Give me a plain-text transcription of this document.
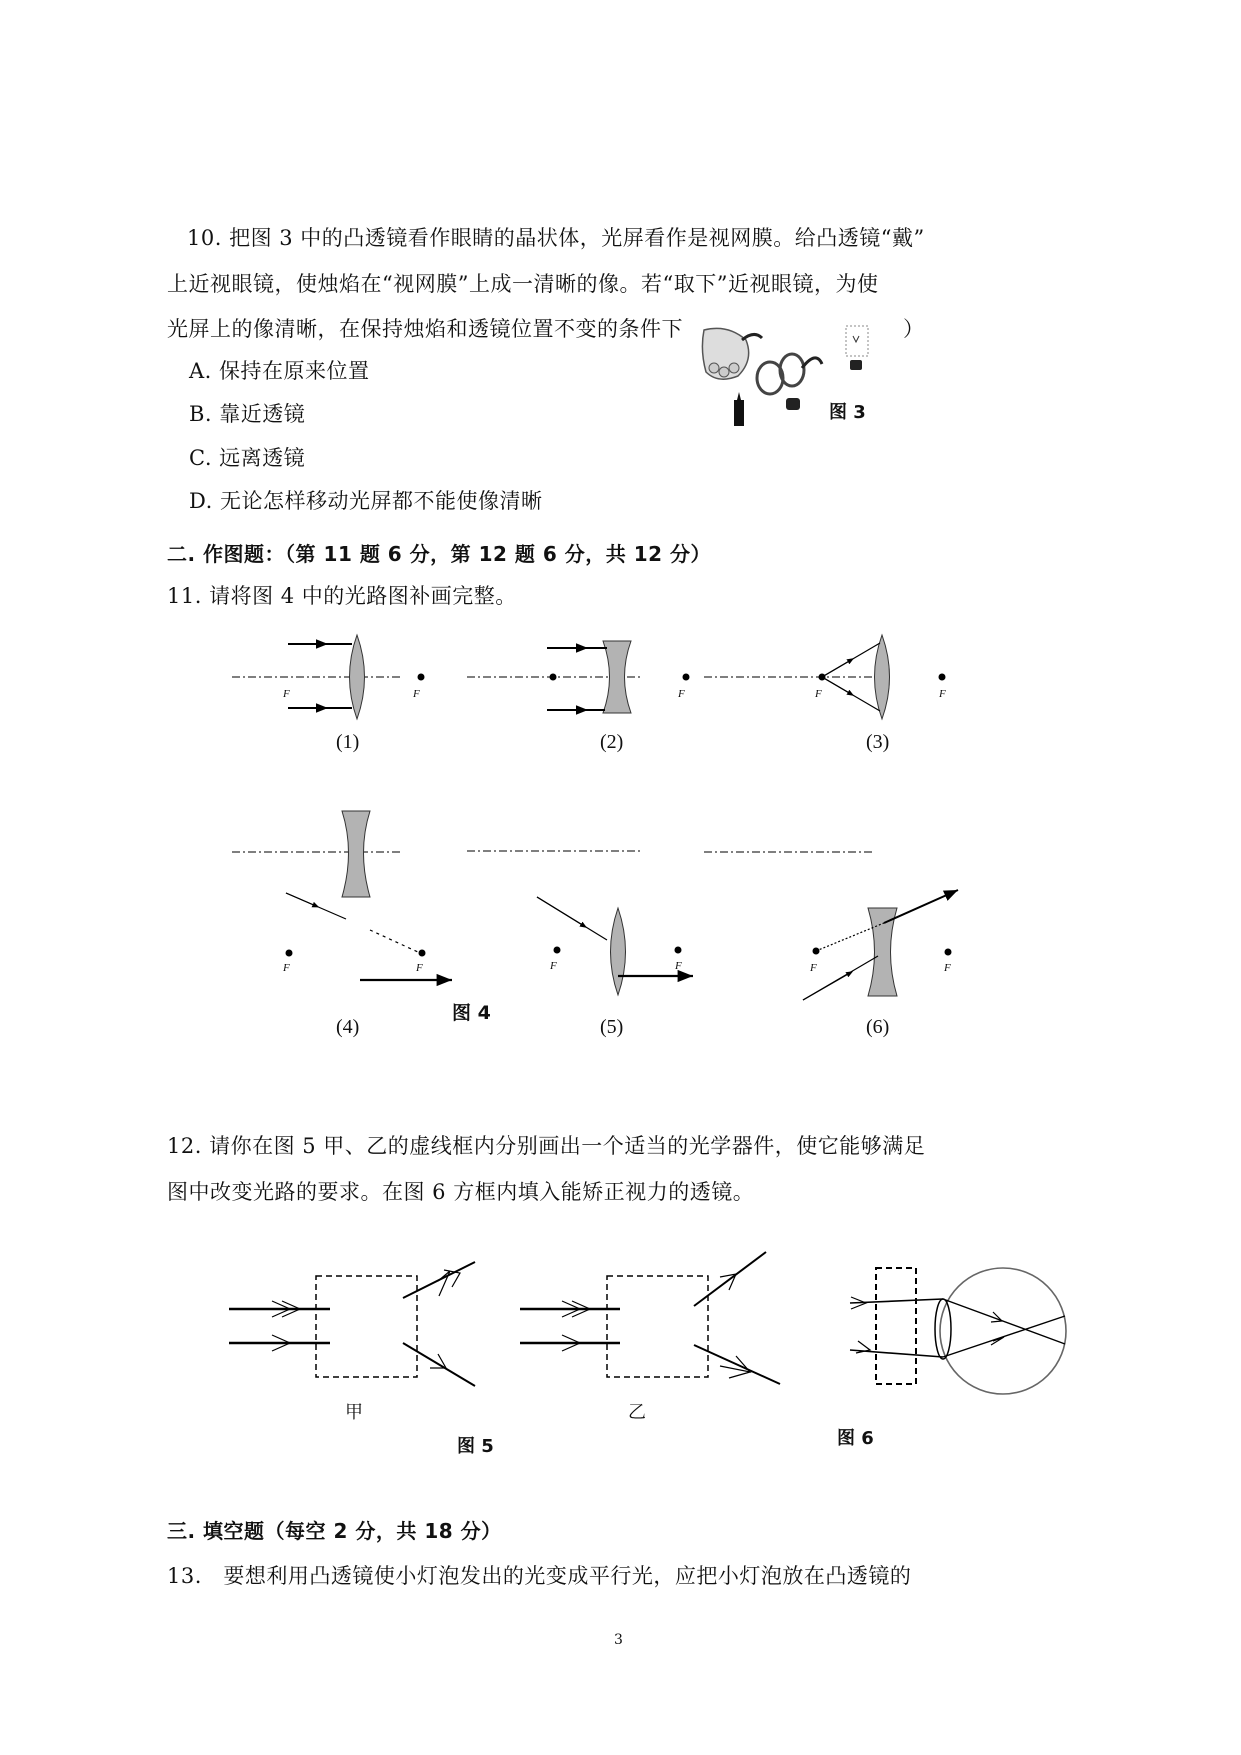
10. 把图 3 中的凸透镜看作眼睛的晶状体，光屏看作是视网膜。给凸透镜“戴”
上近视眼镜，使烛焰在“视网膜”上成一清晰的像。若“取下”近视眼镜，为使
光屏上的像清晰，在保持烛焰和透镜位置不变的条件下	）
A. 保持在原来位置
B. 靠近透镜
C. 远离透镜
D. 无论怎样移动光屏都不能使像清晰
图 3
二. 作图题：（第 11 题 6 分，第 12 题 6 分，共 12 分）
11. 请将图 4 中的光路图补画完整。
F	F	F	F	F
F	F	F	F	F	F
(1)	(2)	(3)
(4)	(5)	(6)
图 4
12. 请你在图 5 甲、乙的虚线框内分别画出一个适当的光学器件，使它能够满足
图中改变光路的要求。在图 6 方框内填入能矫正视力的透镜。
甲	乙
图 5	图 6
三. 填空题（每空 2 分，共 18 分）
13.　要想利用凸透镜使小灯泡发出的光变成平行光，应把小灯泡放在凸透镜的
3
